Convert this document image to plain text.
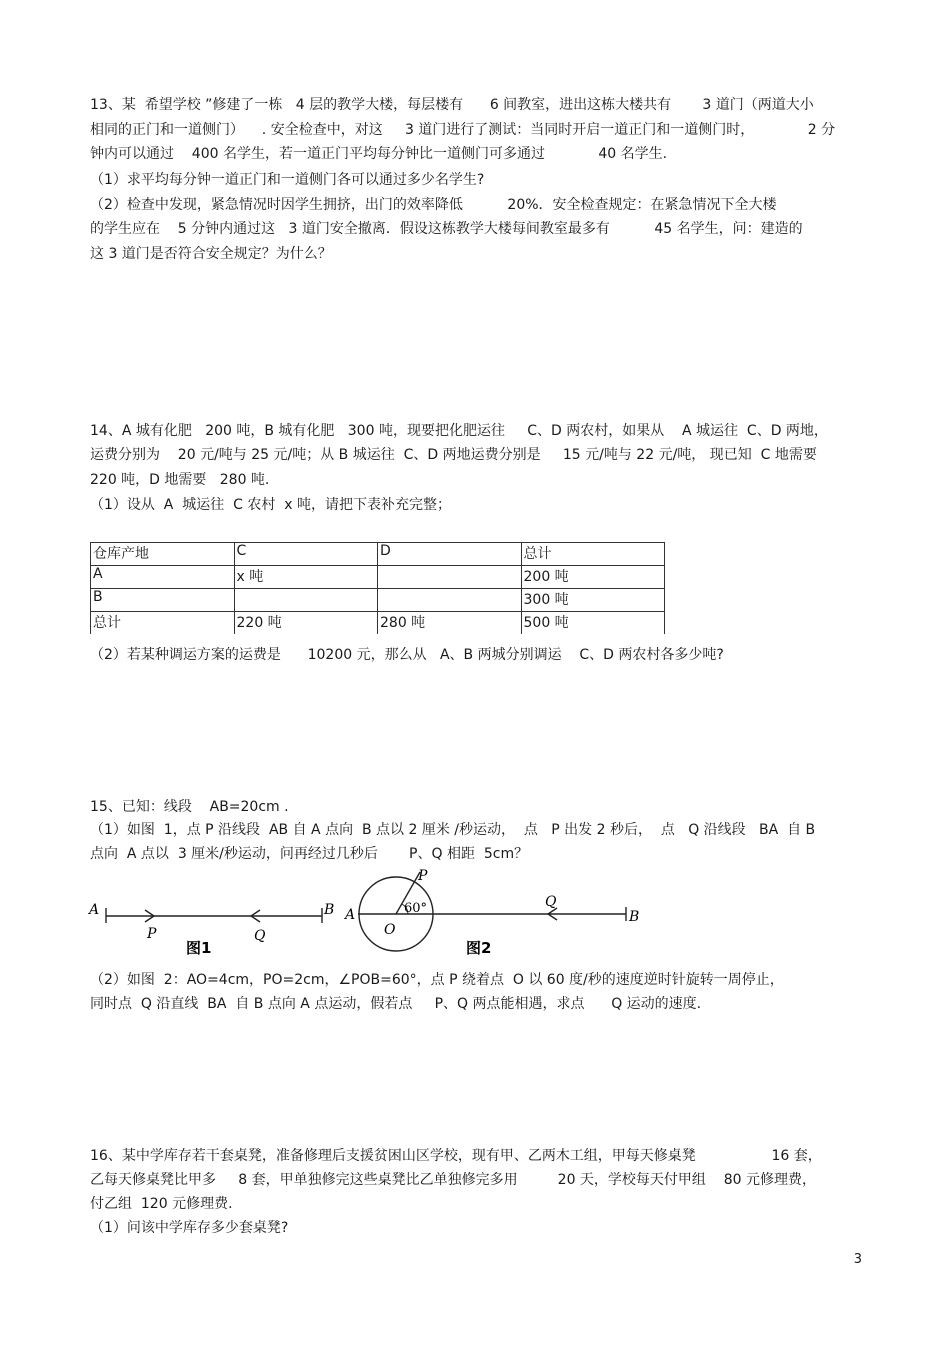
13、某  希望学校 ”修建了一栋   4 层的教学大楼，每层楼有      6 间教室，进出这栋大楼共有       3 道门（两道大小
相同的正门和一道侧门）    . 安全检查中，对这     3 道门进行了测试：当同时开启一道正门和一道侧门时，            2 分
钟内可以通过    400 名学生，若一道正门平均每分钟比一道侧门可多通过            40 名学生.
（1）求平均每分钟一道正门和一道侧门各可以通过多少名学生?
（2）检查中发现，紧急情况时因学生拥挤，出门的效率降低          20%．安全检查规定：在紧急情况下全大楼
的学生应在    5 分钟内通过这   3 道门安全撤离．假设这栋教学大楼每间教室最多有          45 名学生，问：建造的
这 3 道门是否符合安全规定？为什么？
14、A 城有化肥   200 吨，B 城有化肥   300 吨，现要把化肥运往     C、D 两农村，如果从    A 城运往  C、D 两地，
运费分别为    20 元/吨与 25 元/吨；从 B 城运往  C、D 两地运费分别是     15 元/吨与 22 元/吨， 现已知  C 地需要
220 吨，D 地需要   280 吨.
（1）设从  A  城运往  C 农村  x 吨，请把下表补充完整；
仓库产地	C	D	总计
A	x 吨		200 吨
B			300 吨
总计	220 吨	280 吨	500 吨
（2）若某种调运方案的运费是      10200 元，那么从   A、B 两城分别调运    C、D 两农村各多少吨?
15、已知：线段    AB=20cm .
（1）如图  1，点 P 沿线段  AB 自 A 点向  B 点以 2 厘米 /秒运动，  点   P 出发 2 秒后，  点   Q 沿线段   BA  自 B
点向  A 点以  3 厘米/秒运动，问再经过几秒后       P、Q 相距  5cm？
A	B
P	Q
图1
A	B
P
O
60°	Q
图2
（2）如图  2：AO=4cm，PO=2cm，∠POB=60°，点 P 绕着点  O 以 60 度/秒的速度逆时针旋转一周停止，
同时点  Q 沿直线  BA  自 B 点向 A 点运动，假若点     P、Q 两点能相遇，求点      Q 运动的速度.
16、某中学库存若干套桌凳，准备修理后支援贫困山区学校，现有甲、乙两木工组，甲每天修桌凳                 16 套，
乙每天修桌凳比甲多     8 套，甲单独修完这些桌凳比乙单独修完多用         20 天，学校每天付甲组    80 元修理费，
付乙组  120 元修理费.
（1）问该中学库存多少套桌凳?
3
